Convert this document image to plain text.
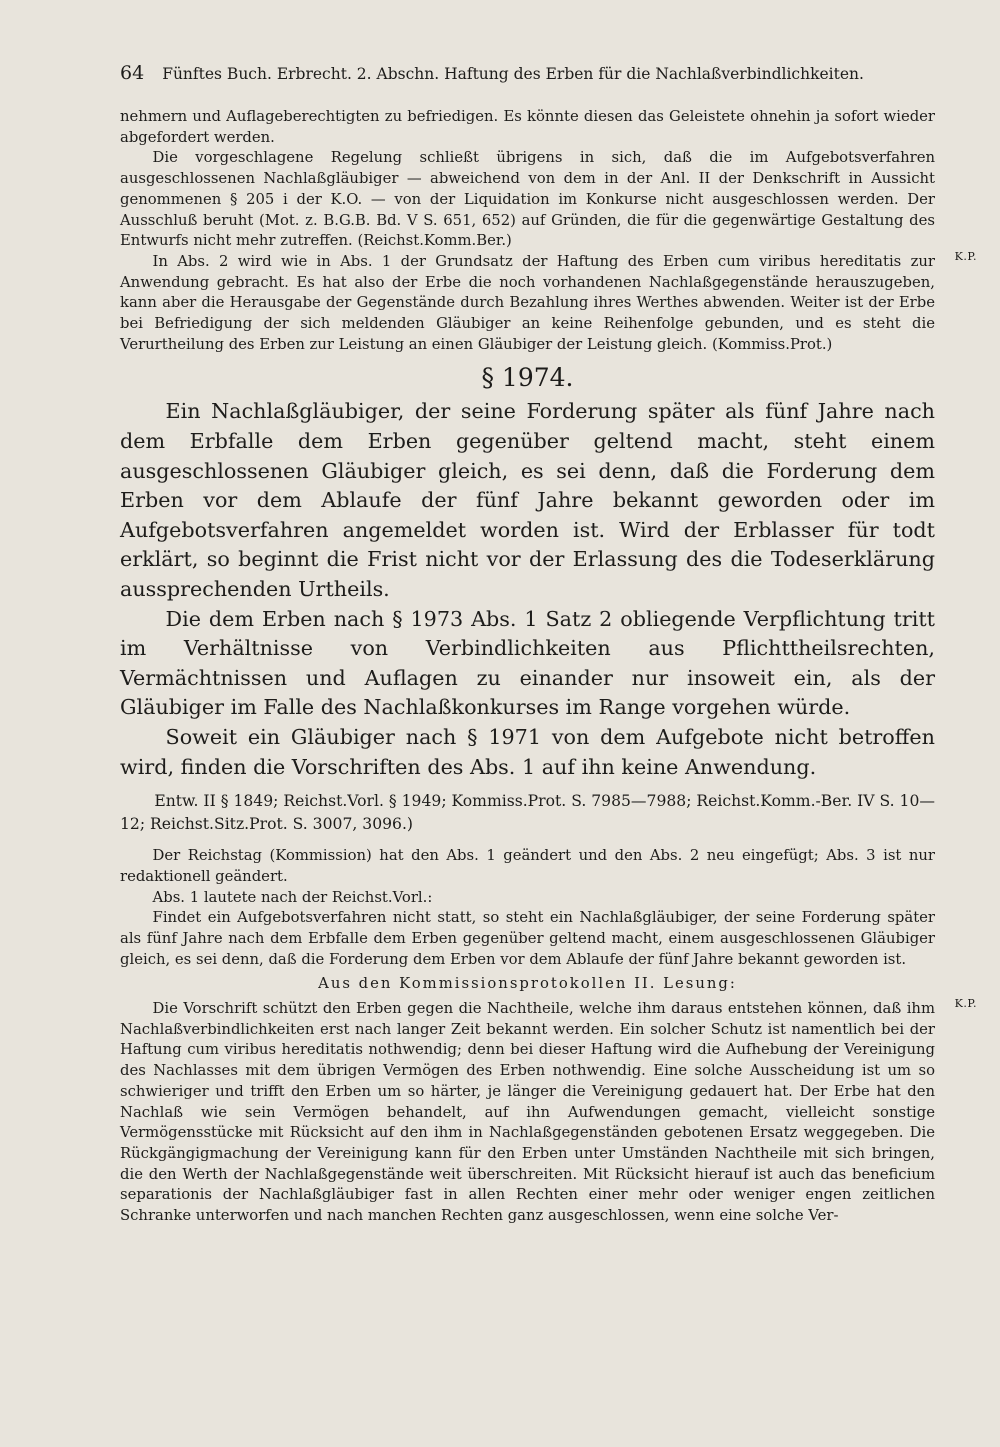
64 Fünftes Buch. Erbrecht. 2. Abschn. Haftung des Erben für die Nachlaßverbindlichkeiten.

nehmern und Auflageberechtigten zu befriedigen. Es könnte diesen das Geleistete ohnehin ja sofort wieder abgefordert werden.

Die vorgeschlagene Regelung schließt übrigens in sich, daß die im Aufgebotsverfahren ausgeschlossenen Nachlaßgläubiger — abweichend von dem in der Anl. II der Denkschrift in Aussicht genommenen § 205 i der K.O. — von der Liquidation im Konkurse nicht ausgeschlossen werden. Der Ausschluß beruht (Mot. z. B.G.B. Bd. V S. 651, 652) auf Gründen, die für die gegenwärtige Gestaltung des Entwurfs nicht mehr zutreffen. (Reichst.Komm.Ber.)

In Abs. 2 wird wie in Abs. 1 der Grundsatz der Haftung des Erben cum viribus hereditatis zur Anwendung gebracht. Es hat also der Erbe die noch vorhandenen Nachlaßgegenstände herauszugeben, kann aber die Herausgabe der Gegenstände durch Bezahlung ihres Werthes abwenden. Weiter ist der Erbe bei Befriedigung der sich meldenden Gläubiger an keine Reihenfolge gebunden, und es steht die Verurtheilung des Erben zur Leistung an einen Gläubiger der Leistung gleich. (Kommiss.Prot.)

K.P.
§ 1974.

Ein Nachlaßgläubiger, der seine Forderung später als fünf Jahre nach dem Erbfalle dem Erben gegenüber geltend macht, steht einem ausgeschlossenen Gläubiger gleich, es sei denn, daß die Forderung dem Erben vor dem Ablaufe der fünf Jahre bekannt geworden oder im Aufgebotsverfahren angemeldet worden ist. Wird der Erblasser für todt erklärt, so beginnt die Frist nicht vor der Erlassung des die Todeserklärung aussprechenden Urtheils.

Die dem Erben nach § 1973 Abs. 1 Satz 2 obliegende Verpflichtung tritt im Verhältnisse von Verbindlichkeiten aus Pflichttheilsrechten, Vermächtnissen und Auflagen zu einander nur insoweit ein, als der Gläubiger im Falle des Nachlaßkonkurses im Range vorgehen würde.

Soweit ein Gläubiger nach § 1971 von dem Aufgebote nicht betroffen wird, finden die Vorschriften des Abs. 1 auf ihn keine Anwendung.

Entw. II § 1849; Reichst.Vorl. § 1949; Kommiss.Prot. S. 7985—7988; Reichst.Komm.-Ber. IV S. 10—12; Reichst.Sitz.Prot. S. 3007, 3096.)

Der Reichstag (Kommission) hat den Abs. 1 geändert und den Abs. 2 neu eingefügt; Abs. 3 ist nur redaktionell geändert.

Abs. 1 lautete nach der Reichst.Vorl.:

Findet ein Aufgebotsverfahren nicht statt, so steht ein Nachlaßgläubiger, der seine Forderung später als fünf Jahre nach dem Erbfalle dem Erben gegenüber geltend macht, einem ausgeschlossenen Gläubiger gleich, es sei denn, daß die Forderung dem Erben vor dem Ablaufe der fünf Jahre bekannt geworden ist.

Aus den Kommissionsprotokollen II. Lesung:

Die Vorschrift schützt den Erben gegen die Nachtheile, welche ihm daraus entstehen können, daß ihm Nachlaßverbindlichkeiten erst nach langer Zeit bekannt werden. Ein solcher Schutz ist namentlich bei der Haftung cum viribus hereditatis nothwendig; denn bei dieser Haftung wird die Aufhebung der Vereinigung des Nachlasses mit dem übrigen Vermögen des Erben nothwendig. Eine solche Ausscheidung ist um so schwieriger und trifft den Erben um so härter, je länger die Vereinigung gedauert hat. Der Erbe hat den Nachlaß wie sein Vermögen behandelt, auf ihn Aufwendungen gemacht, vielleicht sonstige Vermögensstücke mit Rücksicht auf den ihm in Nachlaßgegenständen gebotenen Ersatz weggegeben. Die Rückgängigmachung der Vereinigung kann für den Erben unter Umständen Nachtheile mit sich bringen, die den Werth der Nachlaßgegenstände weit überschreiten. Mit Rücksicht hierauf ist auch das beneficium separationis der Nachlaßgläubiger fast in allen Rechten einer mehr oder weniger engen zeitlichen Schranke unterworfen und nach manchen Rechten ganz ausgeschlossen, wenn eine solche Ver-

K.P.
